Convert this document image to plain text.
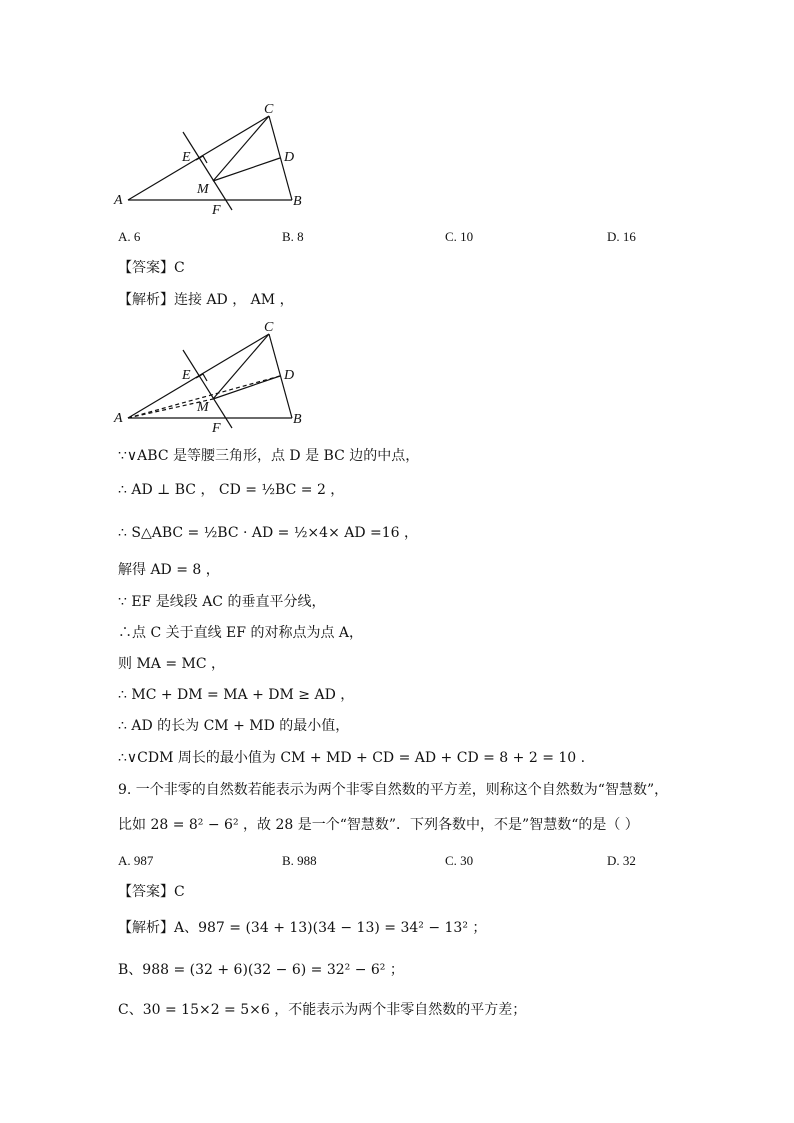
A	B
C
D
E
F
M
A. 6	B. 8	C. 10	D. 16
【答案】C
【解析】连接 AD ， AM ，
A	B
C
D
E
F
M
∵∨ABC 是等腰三角形，点 D 是 BC 边的中点，
∴ AD ⊥ BC ， CD = ½BC = 2 ，
∴ S△ABC = ½BC · AD = ½×4× AD =16 ，
解得 AD = 8 ，
∵ EF 是线段 AC 的垂直平分线，
∴点 C 关于直线 EF 的对称点为点 A，
则 MA = MC ，
∴ MC + DM = MA + DM ≥ AD ，
∴ AD 的长为 CM + MD 的最小值，
∴∨CDM 周长的最小值为 CM + MD + CD = AD + CD = 8 + 2 = 10 .
9. 一个非零的自然数若能表示为两个非零自然数的平方差，则称这个自然数为“智慧数”，
比如 28 = 8² − 6² ，故 28 是一个“智慧数”．下列各数中，不是”智慧数“的是（ ）
A. 987	B. 988	C. 30	D. 32
【答案】C
【解析】A、987 = (34 + 13)(34 − 13) = 34² − 13² ；
B、988 = (32 + 6)(32 − 6) = 32² − 6² ；
C、30 = 15×2 = 5×6 ，不能表示为两个非零自然数的平方差；
